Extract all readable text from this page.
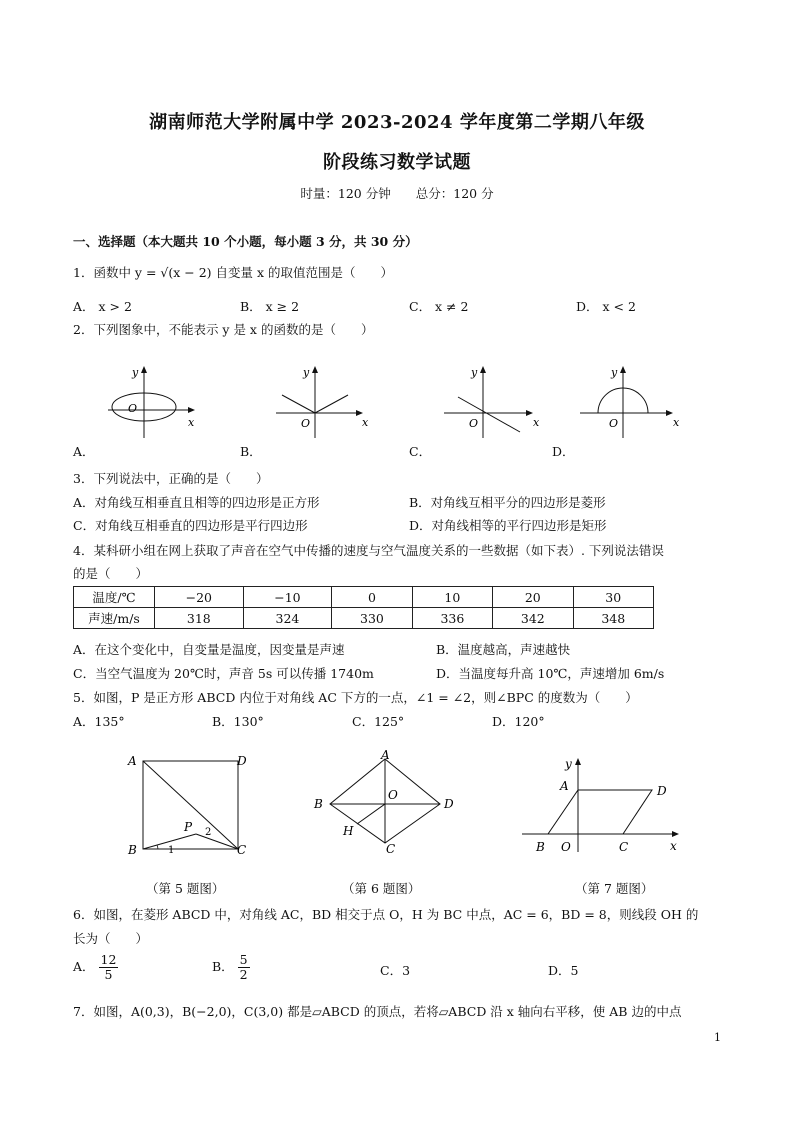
湖南师范大学附属中学 2023-2024 学年度第二学期八年级
阶段练习数学试题
时量：120 分钟　　总分：120 分
一、选择题（本大题共 10 个小题，每小题 3 分，共 30 分）
1．函数中 y = √(x − 2) 自变量 x 的取值范围是（　　）
A． x > 2	B． x ≥ 2	C． x ≠ 2	D． x < 2
2．下列图象中，不能表示 y 是 x 的函数的是（　　）
y
x
O
y
x
O
y
x
O
y
x
O
A．	B．	C．	D．
3．下列说法中，正确的是（　　）
A．对角线互相垂直且相等的四边形是正方形	B．对角线互相平分的四边形是菱形
C．对角线互相垂直的四边形是平行四边形	D．对角线相等的平行四边形是矩形
4．某科研小组在网上获取了声音在空气中传播的速度与空气温度关系的一些数据（如下表）. 下列说法错误
的是（　　）
温度/℃	−20	−10	0	10	20	30
声速/m/s	318	324	330	336	342	348
A．在这个变化中，自变量是温度，因变量是声速	B．温度越高，声速越快
C．当空气温度为 20℃时，声音 5s 可以传播 1740m	D．当温度每升高 10℃，声速增加 6m/s
5．如图，P 是正方形 ABCD 内位于对角线 AC 下方的一点，∠1 = ∠2，则∠BPC 的度数为（　　）
A．135°	B．130°	C．125°	D．120°
A	D
B	C
P
1
2
（第 5 题图）
A
B	D
C
O
H
（第 6 题图）
y
A	D
B O	C	x
（第 7 题图）
6．如图，在菱形 ABCD 中，对角线 AC，BD 相交于点 O，H 为 BC 中点，AC = 6，BD = 8，则线段 OH 的
长为（　　）
A． $\frac{12}{5}$	B． $\frac{5}{2}$	C．3	D．5
7．如图，A(0,3)，B(−2,0)，C(3,0) 都是▱ABCD 的顶点，若将▱ABCD 沿 x 轴向右平移，使 AB 边的中点
1
